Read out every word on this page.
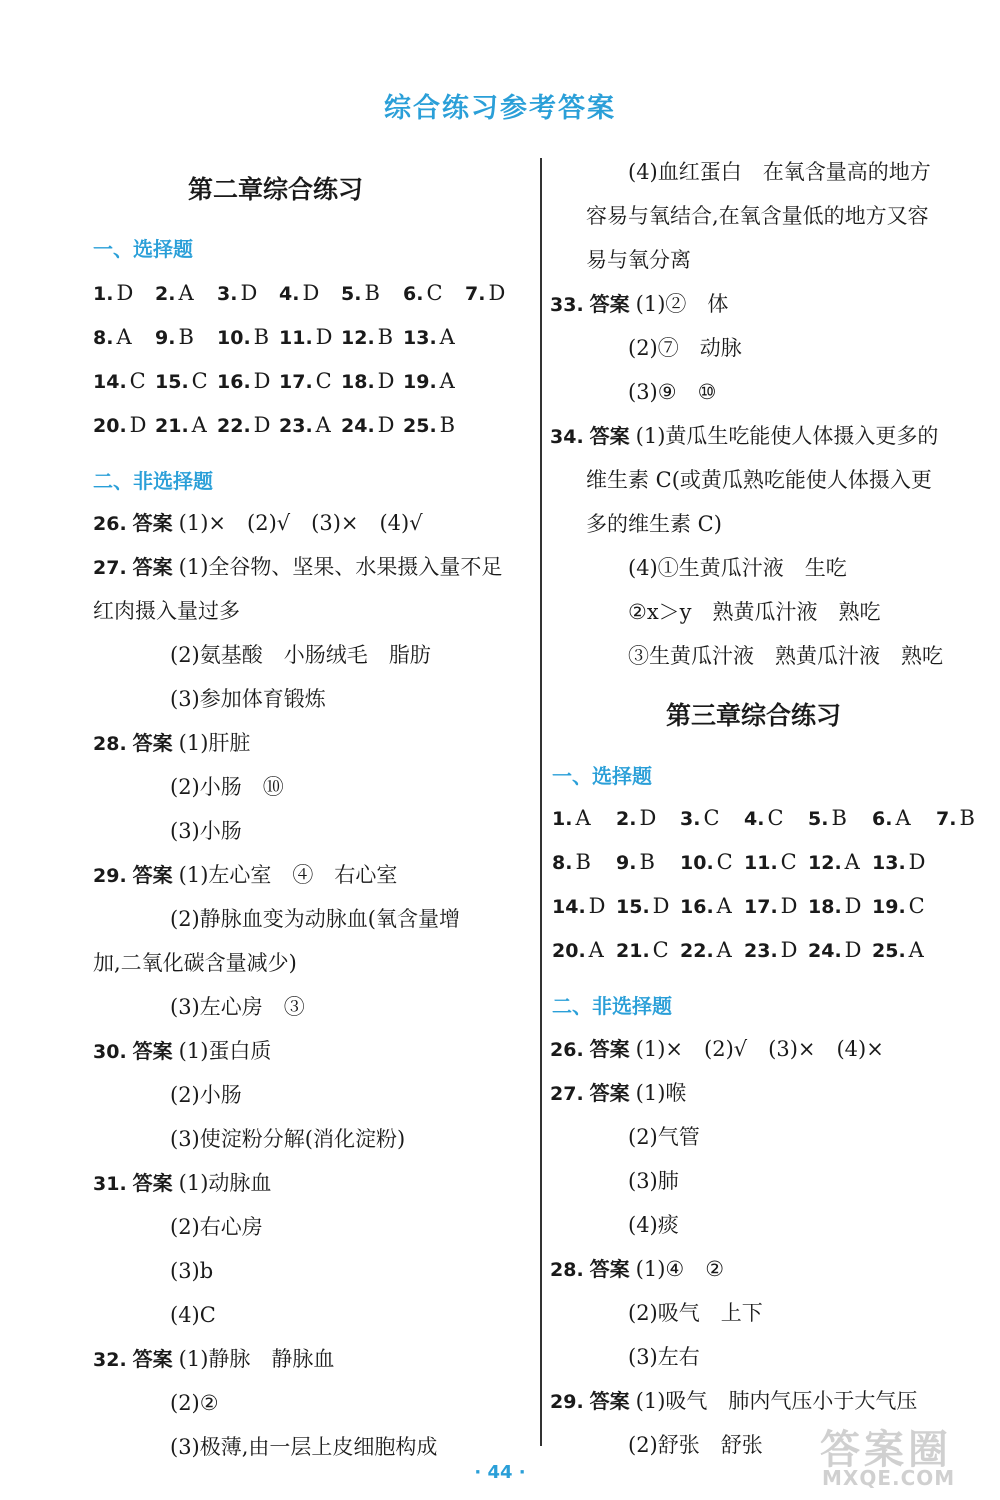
综合练习参考答案
第二章综合练习
一、选择题
1. D 2. A 3. D 4. D 5. B 6. C 7. D
8. A 9. B 10. B 11. D 12. B 13. A
14. C 15. C 16. D 17. C 18. D 19. A
20. D 21. A 22. D 23. A 24. D 25. B
二、非选择题
26. 答案 (1)×　(2)√　(3)×　(4)√
27. 答案 (1)全谷物、坚果、水果摄入量不足
红肉摄入量过多
(2)氨基酸　小肠绒毛　脂肪
(3)参加体育锻炼
28. 答案 (1)肝脏
(2)小肠　⑩
(3)小肠
29. 答案 (1)左心室　④　右心室
(2)静脉血变为动脉血(氧含量增
加,二氧化碳含量减少)
(3)左心房　③
30. 答案 (1)蛋白质
(2)小肠
(3)使淀粉分解(消化淀粉)
31. 答案 (1)动脉血
(2)右心房
(3)b
(4)C
32. 答案 (1)静脉　静脉血
(2)②
(3)极薄,由一层上皮细胞构成
(4)血红蛋白　在氧含量高的地方
容易与氧结合,在氧含量低的地方又容
易与氧分离
33. 答案 (1)②　体
(2)⑦　动脉
(3)⑨　⑩
34. 答案 (1)黄瓜生吃能使人体摄入更多的
维生素 C(或黄瓜熟吃能使人体摄入更
多的维生素 C)
(4)①生黄瓜汁液　生吃
②x＞y　熟黄瓜汁液　熟吃
③生黄瓜汁液　熟黄瓜汁液　熟吃
第三章综合练习
一、选择题
1. A 2. D 3. C 4. C 5. B 6. A 7. B
8. B 9. B 10. C 11. C 12. A 13. D
14. D 15. D 16. A 17. D 18. D 19. C
20. A 21. C 22. A 23. D 24. D 25. A
二、非选择题
26. 答案 (1)×　(2)√　(3)×　(4)×
27. 答案 (1)喉
(2)气管
(3)肺
(4)痰
28. 答案 (1)④　②
(2)吸气　上下
(3)左右
29. 答案 (1)吸气　肺内气压小于大气压
(2)舒张　舒张
· 44 ·	答案圈
MXQE.COM
